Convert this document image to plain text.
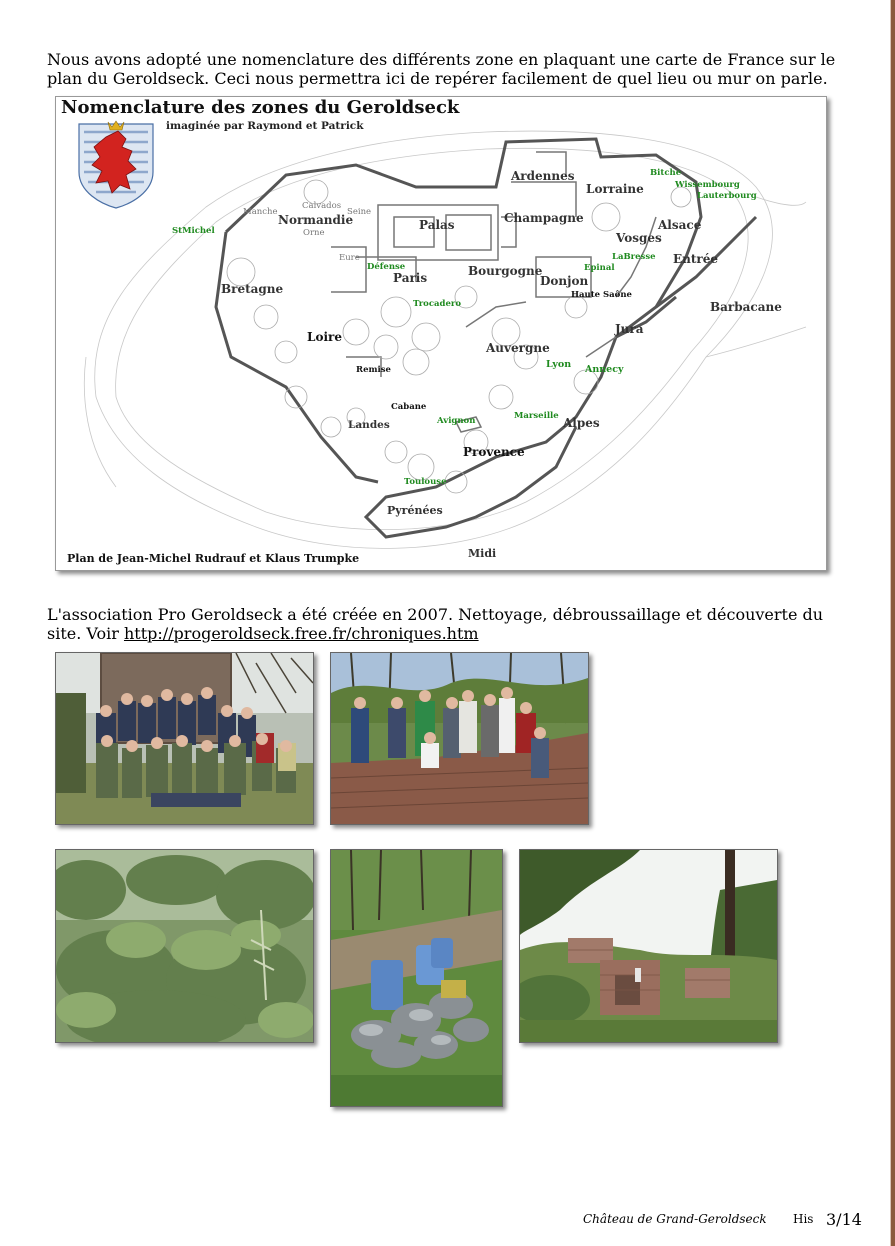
Nous avons adopté une nomenclature des différents zone en plaquant une carte de France sur le plan du Geroldseck. Ceci nous permettra ici de repérer facilement de quel lieu ou mur on parle.

Nomenclature des zones du Geroldseck
imaginée par Raymond et Patrick
Ardennes
Lorraine
Bitche
Wissembourg
Lauterbourg
Manche
Calvados
Seine
Normandie
Orne
Palas	Champagne	Alsace
StMichel	Vosges
Eure	LaBresse Entrée
Défense	Epinal
Paris	Bourgogne
Donjon
Bretagne	Haute Saône
Barbacane
Trocadero
Jura
Loire
Auvergne
Lyon
Remise	Annecy
Cabane
Marseille
Landes	Avignon	Alpes
Provence
Toulouse
Pyrénées
Midi
Plan de Jean-Michel Rudrauf et Klaus Trumpke

L'association Pro Geroldseck a été créée en 2007. Nettoyage, débroussaillage et découverte du site. Voir http://progeroldseck.free.fr/chroniques.htm

Château de Grand-Geroldseck His 3/14
